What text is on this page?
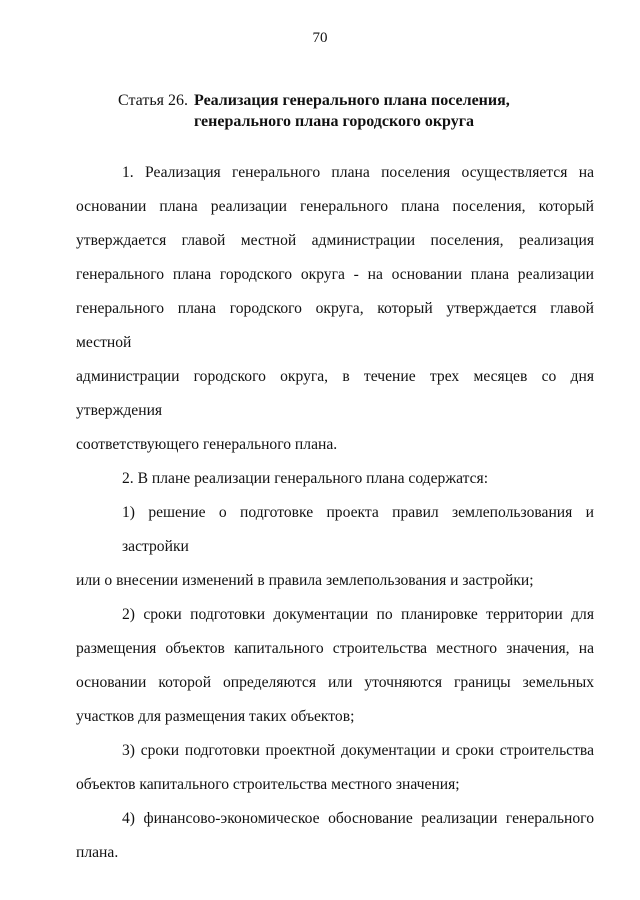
70
Статья 26. Реализация генерального плана поселения,
генерального плана городского округа
1. Реализация генерального плана поселения осуществляется на
основании плана реализации генерального плана поселения, который
утверждается главой местной администрации поселения, реализация
генерального плана городского округа - на основании плана реализации
генерального плана городского округа, который утверждается главой местной
администрации городского округа, в течение трех месяцев со дня утверждения
соответствующего генерального плана.
2. В плане реализации генерального плана содержатся:
1) решение о подготовке проекта правил землепользования и застройки
или о внесении изменений в правила землепользования и застройки;
2) сроки подготовки документации по планировке территории для
размещения объектов капитального строительства местного значения, на
основании которой определяются или уточняются границы земельных
участков для размещения таких объектов;
3) сроки подготовки проектной документации и сроки строительства
объектов капитального строительства местного значения;
4) финансово-экономическое обоснование реализации генерального
плана.
